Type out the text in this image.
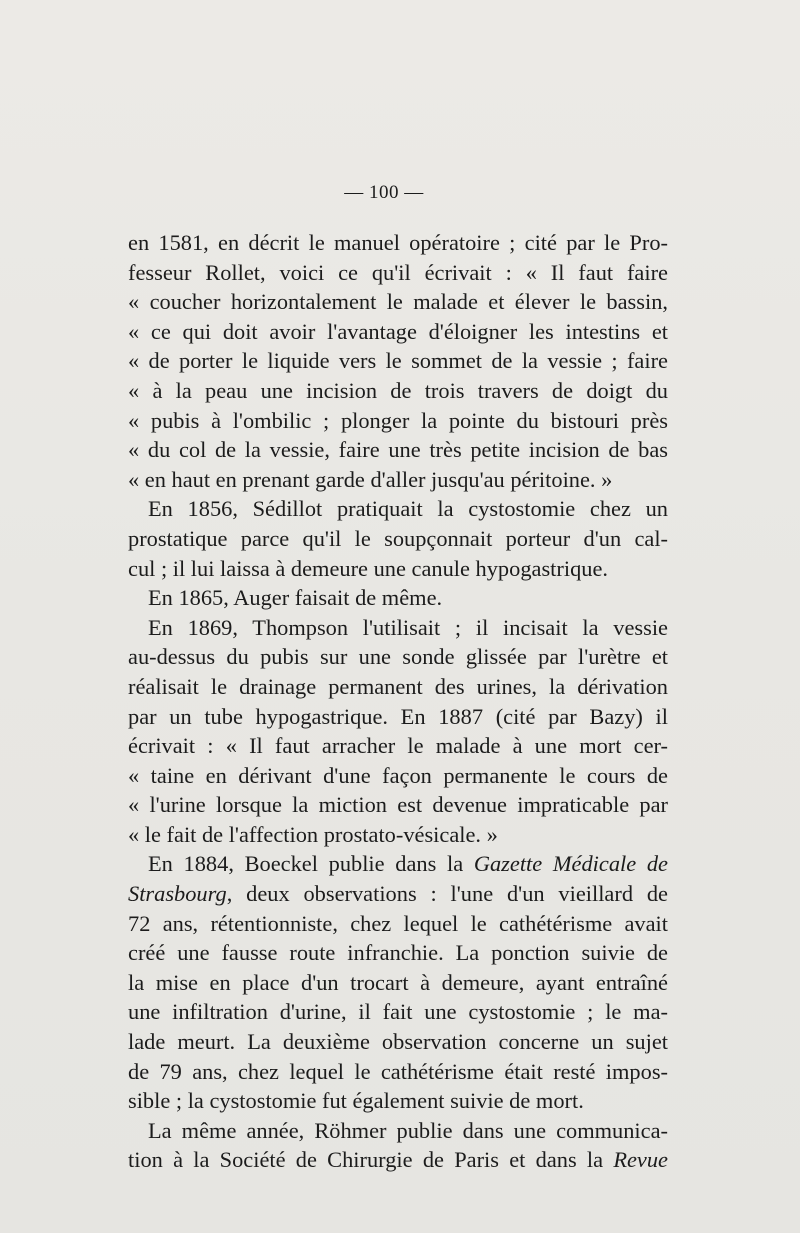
— 100 —
en 1581, en décrit le manuel opératoire ; cité par le Pro-
fesseur Rollet, voici ce qu'il écrivait : « Il faut faire
« coucher horizontalement le malade et élever le bassin,
« ce qui doit avoir l'avantage d'éloigner les intestins et
« de porter le liquide vers le sommet de la vessie ; faire
« à la peau une incision de trois travers de doigt du
« pubis à l'ombilic ; plonger la pointe du bistouri près
« du col de la vessie, faire une très petite incision de bas
« en haut en prenant garde d'aller jusqu'au péritoine. »
En 1856, Sédillot pratiquait la cystostomie chez un
prostatique parce qu'il le soupçonnait porteur d'un cal-
cul ; il lui laissa à demeure une canule hypogastrique.
En 1865, Auger faisait de même.
En 1869, Thompson l'utilisait ; il incisait la vessie
au-dessus du pubis sur une sonde glissée par l'urètre et
réalisait le drainage permanent des urines, la dérivation
par un tube hypogastrique. En 1887 (cité par Bazy) il
écrivait : « Il faut arracher le malade à une mort cer-
« taine en dérivant d'une façon permanente le cours de
« l'urine lorsque la miction est devenue impraticable par
« le fait de l'affection prostato-vésicale. »
En 1884, Boeckel publie dans la Gazette Médicale de
Strasbourg, deux observations : l'une d'un vieillard de
72 ans, rétentionniste, chez lequel le cathétérisme avait
créé une fausse route infranchie. La ponction suivie de
la mise en place d'un trocart à demeure, ayant entraîné
une infiltration d'urine, il fait une cystostomie ; le ma-
lade meurt. La deuxième observation concerne un sujet
de 79 ans, chez lequel le cathétérisme était resté impos-
sible ; la cystostomie fut également suivie de mort.
La même année, Röhmer publie dans une communica-
tion à la Société de Chirurgie de Paris et dans la Revue
